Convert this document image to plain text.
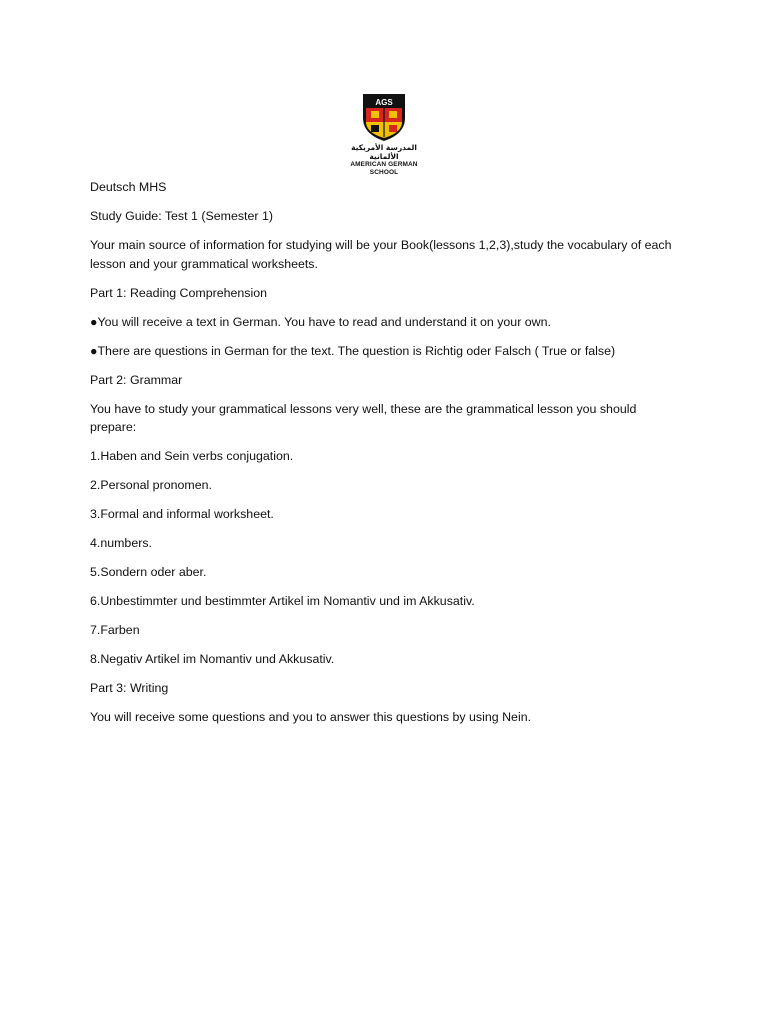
AGS
المدرسة الأمريكية الألمانية
AMERICAN GERMAN SCHOOL

Deutsch MHS

Study Guide: Test 1 (Semester 1)

Your main source of information for studying will be your Book(lessons 1,2,3),study the vocabulary of each lesson and your grammatical worksheets.

Part 1: Reading Comprehension

●You will receive a text in German. You have to read and understand it on your own.

●There are questions in German for the text. The question is Richtig oder Falsch ( True or false)

Part 2: Grammar

You have to study your grammatical lessons very well, these are the grammatical lesson you should prepare:

1.Haben and Sein verbs conjugation.

2.Personal pronomen.

3.Formal and informal worksheet.

4.numbers.

5.Sondern oder aber.

6.Unbestimmter und bestimmter Artikel im Nomantiv und im Akkusativ.

7.Farben

8.Negativ Artikel im Nomantiv und Akkusativ.

Part 3: Writing

You will receive some questions and you to answer this questions by using Nein.
